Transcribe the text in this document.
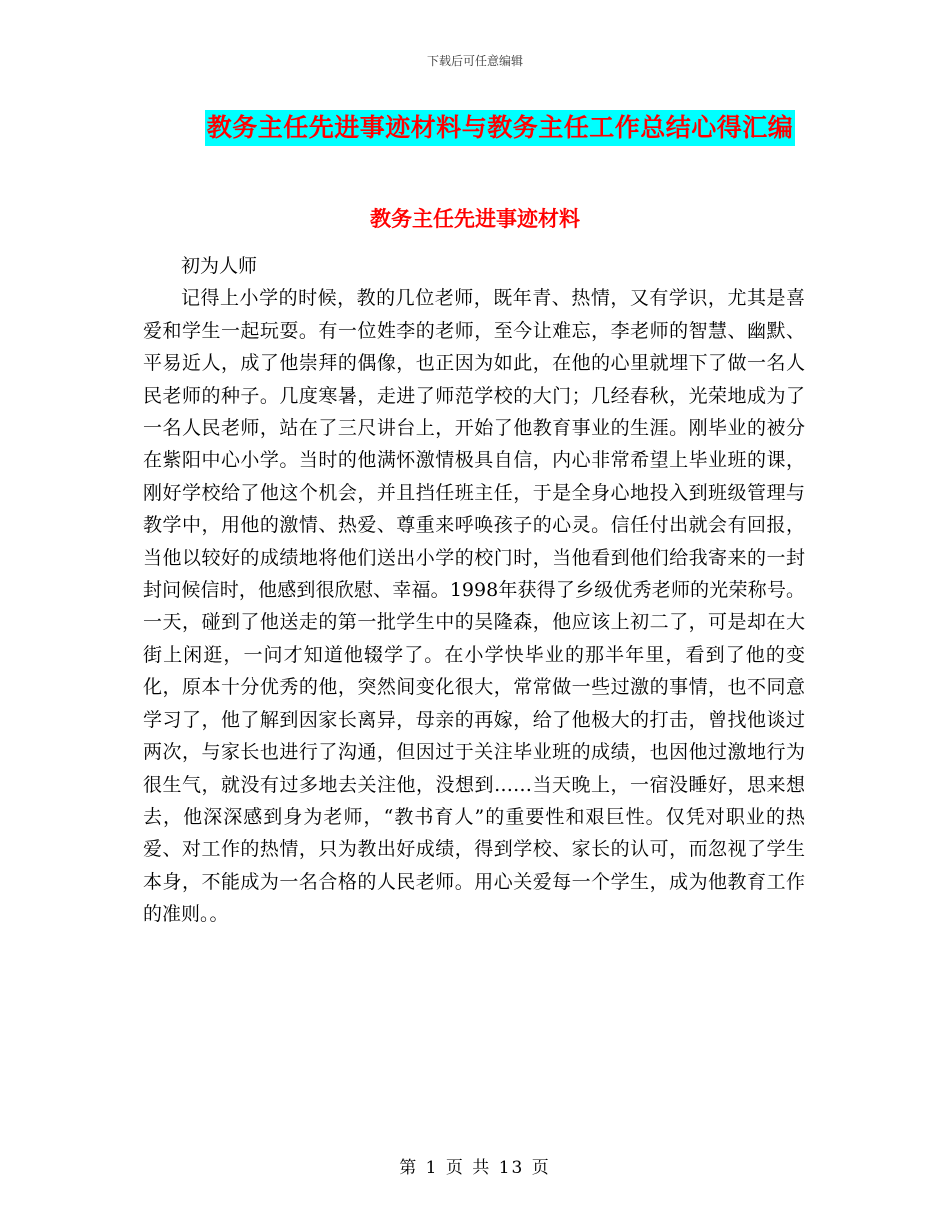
下载后可任意编辑
教务主任先进事迹材料与教务主任工作总结心得汇编
教务主任先进事迹材料

初为人师

记得上小学的时候，教的几位老师，既年青、热情，又有学识，尤其是喜爱和学生一起玩耍。有一位姓李的老师，至今让难忘，李老师的智慧、幽默、平易近人，成了他崇拜的偶像，也正因为如此，在他的心里就埋下了做一名人民老师的种子。几度寒暑，走进了师范学校的大门；几经春秋，光荣地成为了一名人民老师，站在了三尺讲台上，开始了他教育事业的生涯。刚毕业的被分在紫阳中心小学。当时的他满怀激情极具自信，内心非常希望上毕业班的课，刚好学校给了他这个机会，并且挡任班主任，于是全身心地投入到班级管理与教学中，用他的激情、热爱、尊重来呼唤孩子的心灵。信任付出就会有回报，当他以较好的成绩地将他们送出小学的校门时，当他看到他们给我寄来的一封封问候信时，他感到很欣慰、幸福。1998年获得了乡级优秀老师的光荣称号。一天，碰到了他送走的第一批学生中的吴隆森，他应该上初二了，可是却在大街上闲逛，一问才知道他辍学了。在小学快毕业的那半年里，看到了他的变化，原本十分优秀的他，突然间变化很大，常常做一些过激的事情，也不同意学习了，他了解到因家长离异，母亲的再嫁，给了他极大的打击，曾找他谈过两次，与家长也进行了沟通，但因过于关注毕业班的成绩，也因他过激地行为很生气，就没有过多地去关注他，没想到……当天晚上，一宿没睡好，思来想去，他深深感到身为老师，“教书育人”的重要性和艰巨性。仅凭对职业的热爱、对工作的热情，只为教出好成绩，得到学校、家长的认可，而忽视了学生本身，不能成为一名合格的人民老师。用心关爱每一个学生，成为他教育工作的准则。。

第 1 页 共 13 页
